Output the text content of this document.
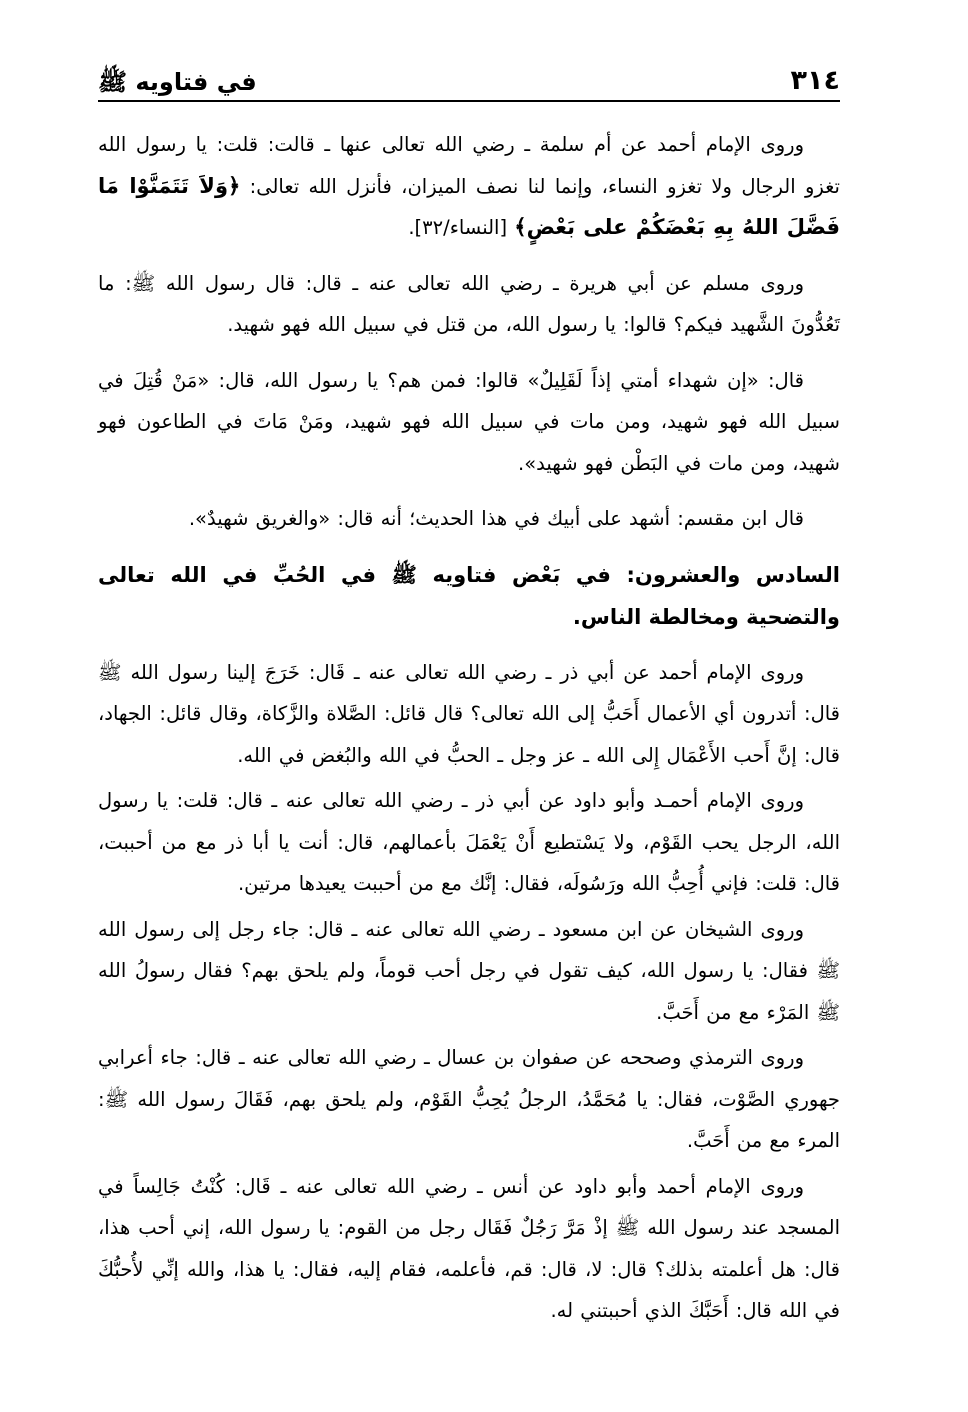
٣١٤
في فتاويه ﷺ

وروى الإمام أحمد عن أم سلمة ـ رضي الله تعالى عنها ـ قالت: قلت: يا رسول الله تغزو الرجال ولا تغزو النساء، وإنما لنا نصف الميزان، فأنزل الله تعالى: ﴿وَلاَ تَتَمَنَّوْا مَا فَضَّلَ اللهُ بِهِ بَعْضَكُمْ على بَعْضٍ﴾ [النساء/٣٢].

وروى مسلم عن أبي هريرة ـ رضي الله تعالى عنه ـ قال: قال رسول الله ﷺ: ما تَعُدُّونَ الشَّهيد فيكم؟ قالوا: يا رسول الله، من قتل في سبيل الله فهو شهيد.

قال: «إن شهداء أمتي إذاً لَقَلِيلٌ» قالوا: فمن هم؟ يا رسول الله، قال: «مَنْ قُتِلَ في سبيل الله فهو شهيد، ومن مات في سبيل الله فهو شهيد، ومَنْ مَاتَ في الطاعون فهو شهيد، ومن مات في البَطْن فهو شهيد».

قال ابن مقسم: أشهد على أبيك في هذا الحديث؛ أنه قال: «والغريق شهيدٌ».

السادس والعشرون: في بَعْض فتاويه ﷺ في الحُبِّ في الله تعالى والتضحية ومخالطة الناس.

وروى الإمام أحمد عن أبي ذر ـ رضي الله تعالى عنه ـ قَال: خَرَجَ إلينا رسول الله ﷺ قال: أتدرون أي الأعمال أَحَبُّ إلى الله تعالى؟ قال قائل: الصَّلاة والزَّكاة، وقال قائل: الجهاد، قال: إنَّ أَحب الأَعْمَال إِلى الله ـ عز وجل ـ الحبُّ في الله والبُغض في الله.

وروى الإمام أحمـد وأبو داود عن أبي ذر ـ رضي الله تعالى عنه ـ قال: قلت: يا رسول الله، الرجل يحب القَوْم، ولا يَسْتطيع أَنْ يَعْمَلَ بأعمالهم، قال: أنت يا أبا ذر مع من أحببت، قال: قلت: فإني أُحِبُّ الله ورَسُولَه، فقال: إنَّك مع من أحببت يعيدها مرتين.

وروى الشيخان عن ابن مسعود ـ رضي الله تعالى عنه ـ قال: جاء رجل إلى رسول الله ﷺ فقال: يا رسول الله، كيف تقول في رجل أحب قوماً، ولم يلحق بهم؟ فقال رسولُ الله ﷺ المَرْء مع من أَحَبَّ.

وروى الترمذي وصححه عن صفوان بن عسال ـ رضي الله تعالى عنه ـ قال: جاء أعرابي جهوري الصَّوْت، فقال: يا مُحَمَّدُ، الرجلُ يُحِبُّ القَوْم، ولم يلحق بهم، فَقَالَ رسول الله ﷺ: المرء مع من أَحَبَّ.

وروى الإمام أحمد وأبو داود عن أنس ـ رضي الله تعالى عنه ـ قَال: كُنْتُ جَالِساً في المسجد عند رسول الله ﷺ إذْ مَرَّ رَجُلٌ فَقَال رجل من القوم: يا رسول الله، إني أحب هذا، قال: هل أعلمته بذلك؟ قال: لا، قال: قم، فأعلمه، فقام إليه، فقال: يا هذا، والله إنِّي لأُحبُّكَ في الله قال: أَحَبَّكَ الذي أحببتني له.
